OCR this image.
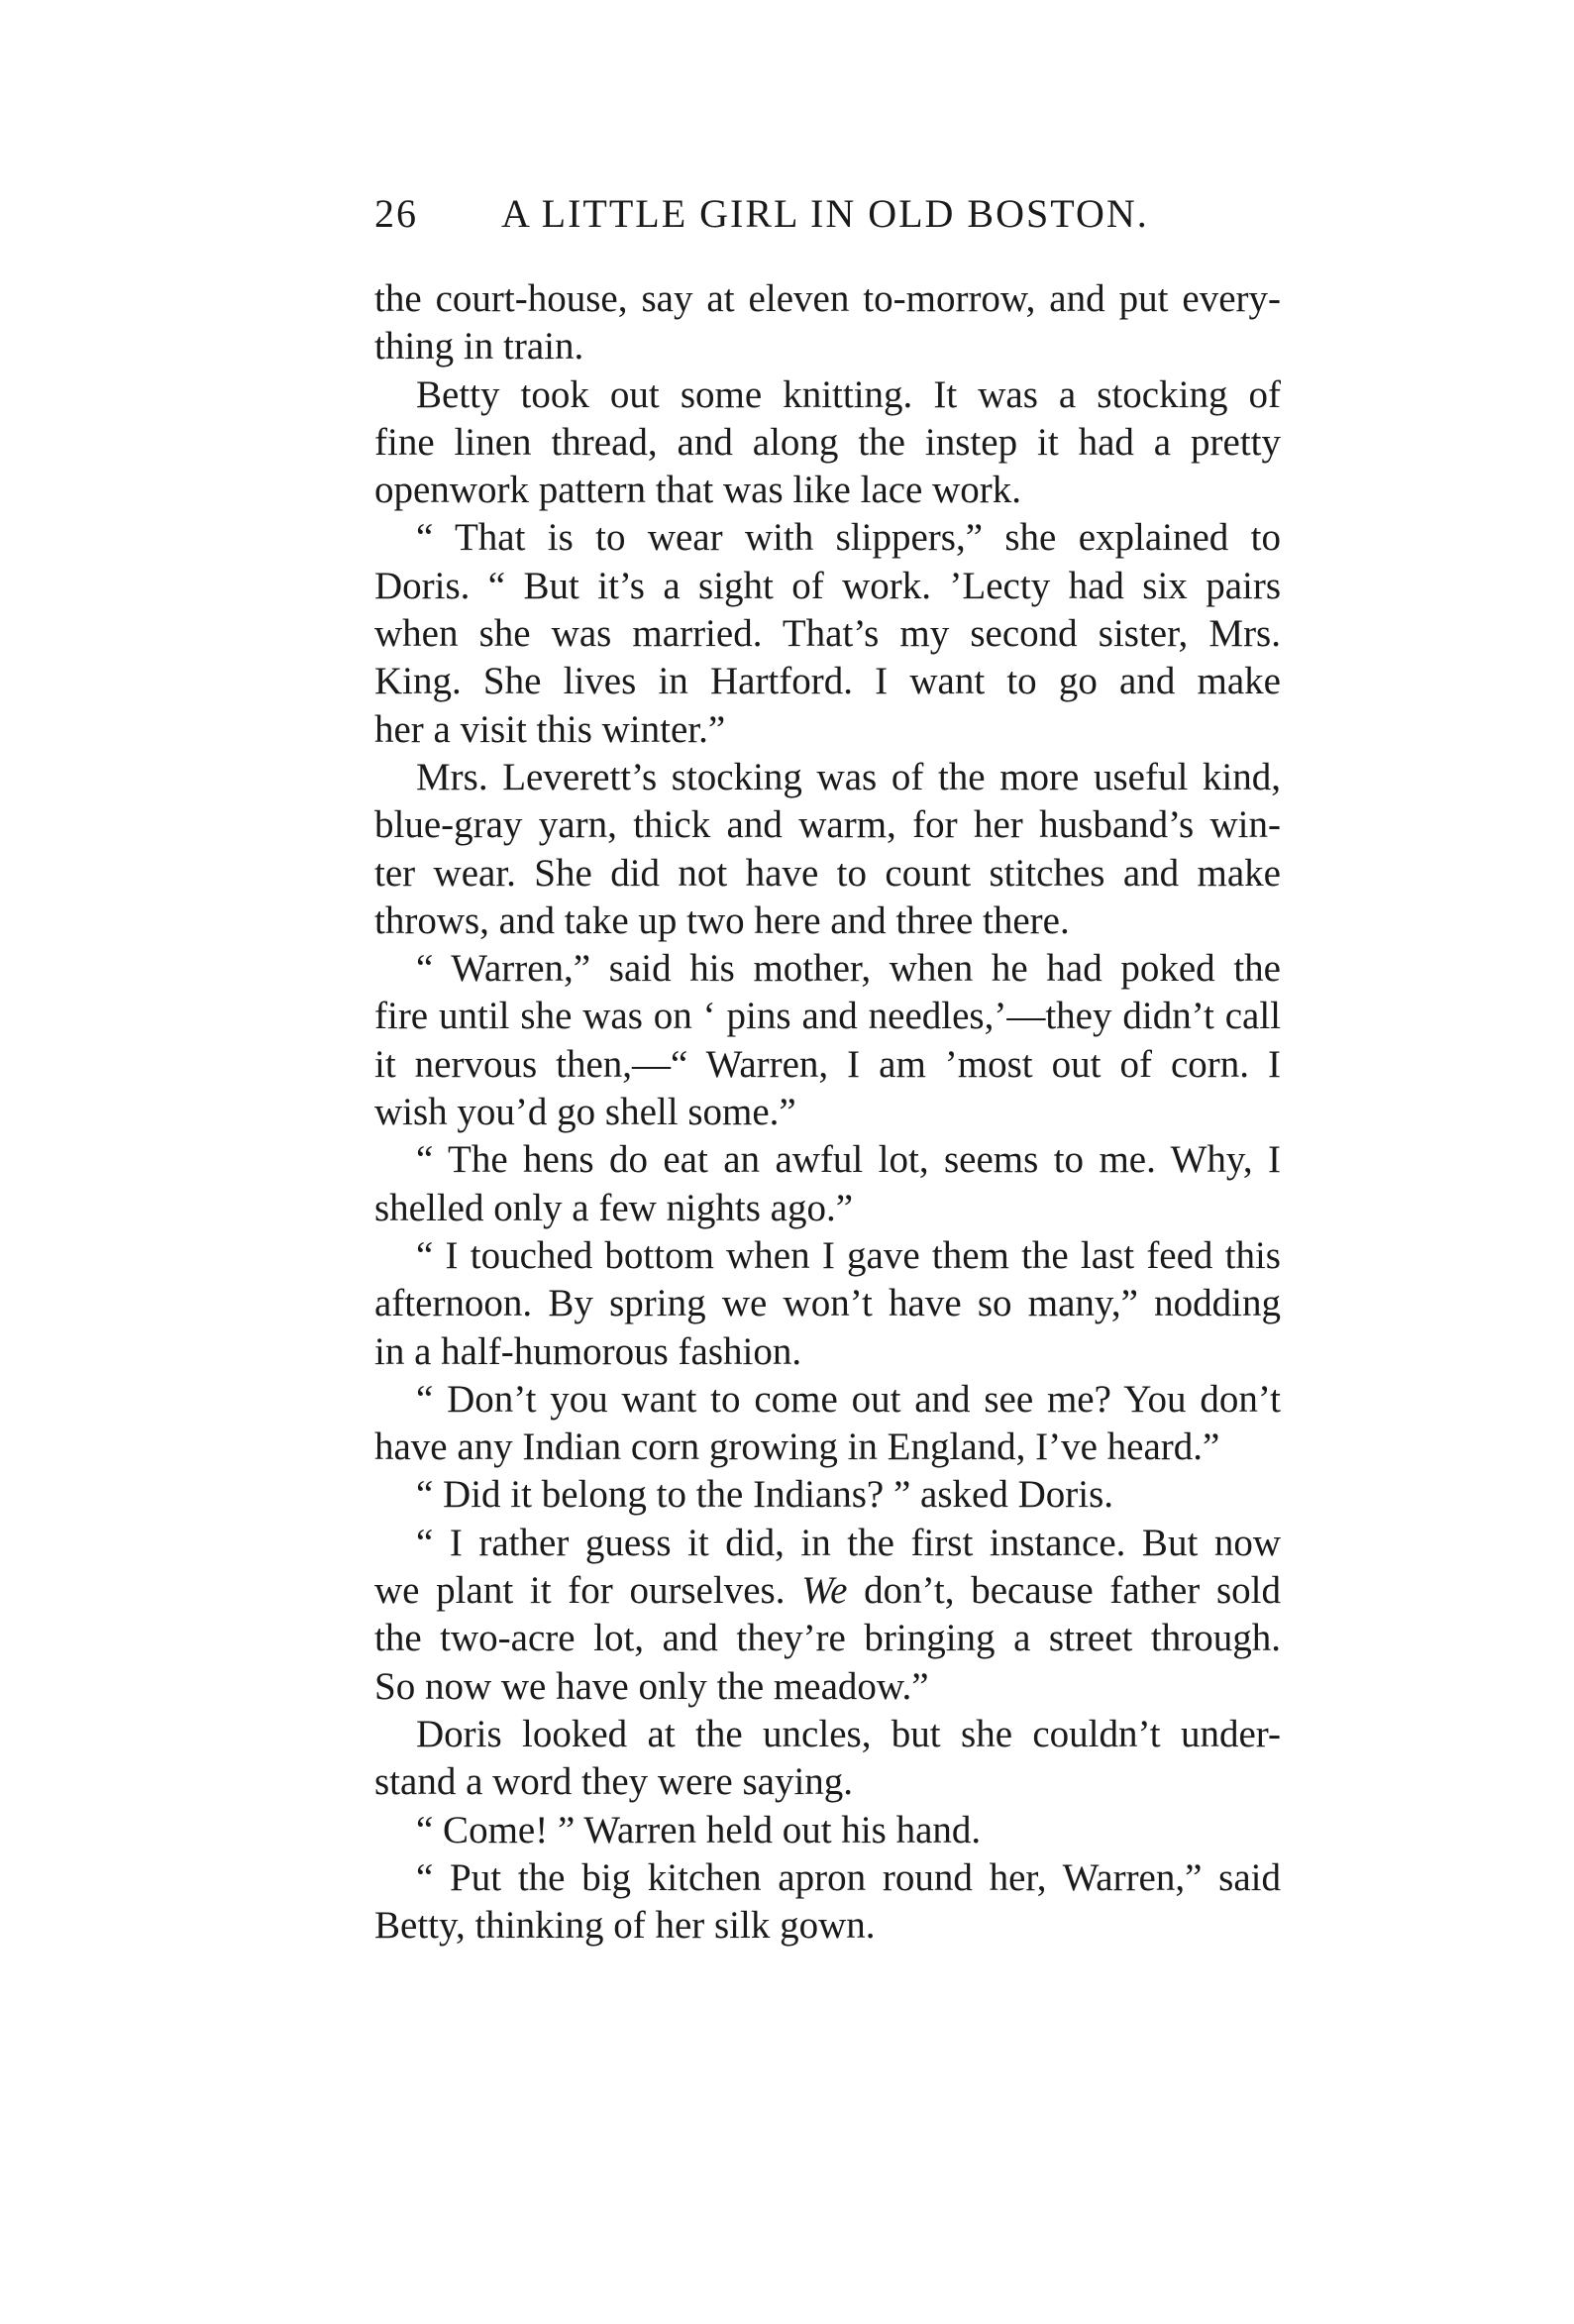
26 A LITTLE GIRL IN OLD BOSTON.
the court-house, say at eleven to-morrow, and put every-
thing in train.
Betty took out some knitting. It was a stocking of
fine linen thread, and along the instep it had a pretty
openwork pattern that was like lace work.
“ That is to wear with slippers,” she explained to
Doris. “ But it’s a sight of work. ’Lecty had six pairs
when she was married. That’s my second sister, Mrs.
King. She lives in Hartford. I want to go and make
her a visit this winter.”
Mrs. Leverett’s stocking was of the more useful kind,
blue-gray yarn, thick and warm, for her husband’s win-
ter wear. She did not have to count stitches and make
throws, and take up two here and three there.
“ Warren,” said his mother, when he had poked the
fire until she was on ‘ pins and needles,’—they didn’t call
it nervous then,—“ Warren, I am ’most out of corn. I
wish you’d go shell some.”
“ The hens do eat an awful lot, seems to me. Why, I
shelled only a few nights ago.”
“ I touched bottom when I gave them the last feed this
afternoon. By spring we won’t have so many,” nodding
in a half-humorous fashion.
“ Don’t you want to come out and see me? You don’t
have any Indian corn growing in England, I’ve heard.”
“ Did it belong to the Indians? ” asked Doris.
“ I rather guess it did, in the first instance. But now
we plant it for ourselves. We don’t, because father sold
the two-acre lot, and they’re bringing a street through.
So now we have only the meadow.”
Doris looked at the uncles, but she couldn’t under-
stand a word they were saying.
“ Come! ” Warren held out his hand.
“ Put the big kitchen apron round her, Warren,” said
Betty, thinking of her silk gown.
